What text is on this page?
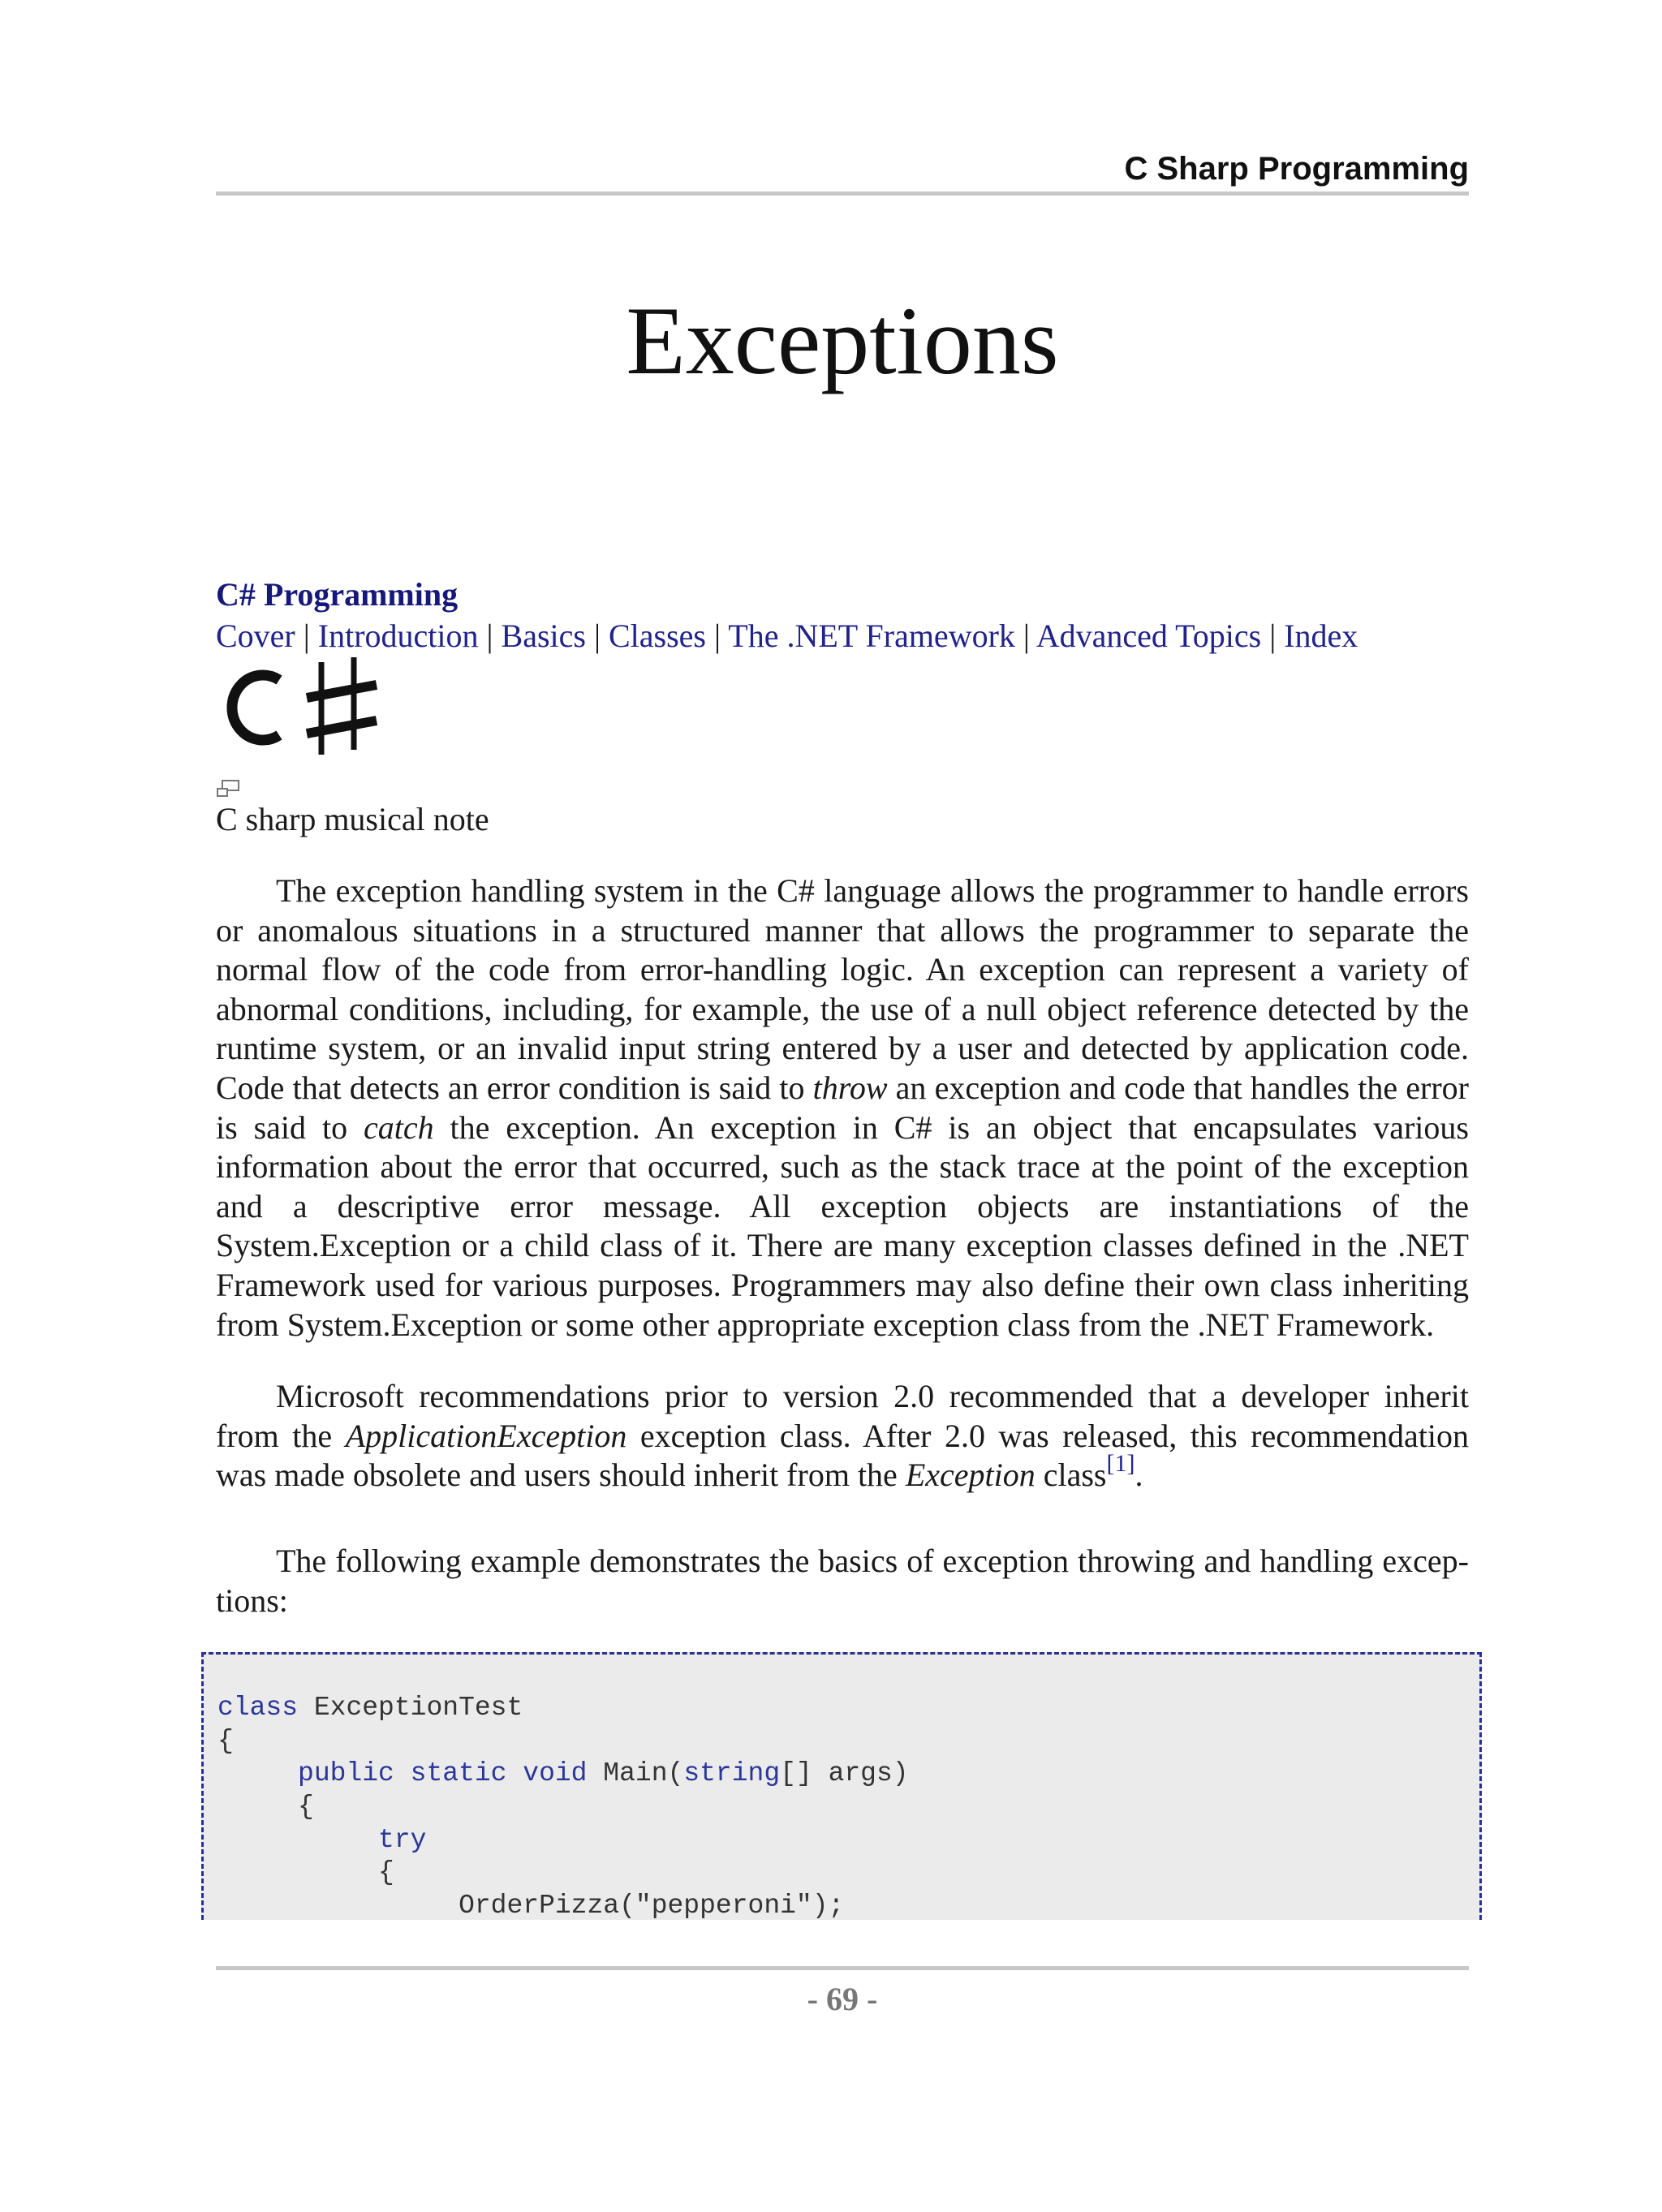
C Sharp Programming
Exceptions
C# Programming
Cover | Introduction | Basics | Classes | The .NET Framework | Advanced Topics | Index
C sharp musical note

The exception handling system in the C# language allows the programmer to handle errors or anomalous situations in a structured manner that allows the programmer to separate the normal flow of the code from error-handling logic. An exception can represent a variety of abnormal conditions, including, for example, the use of a null object reference detected by the runtime system, or an invalid input string entered by a user and detected by application code. Code that detects an error condition is said to throw an exception and code that handles the error is said to catch the exception. An exception in C# is an object that encapsulates various information about the error that occurred, such as the stack trace at the point of the exception and a descriptive error message. All exception objects are instantiations of the System.Exception or a child class of it. There are many exception classes defined in the .NET Framework used for various purposes. Programmers may also define their own class inheriting from System.Exception or some other appropriate exception class from the .NET Framework.

Microsoft recommendations prior to version 2.0 recommended that a developer inherit from the ApplicationException exception class. After 2.0 was released, this recommendation was made obsolete and users should inherit from the Exception class[1].

The following example demonstrates the basics of exception throwing and handling exceptions:

class ExceptionTest
{
public static void Main(string[] args)
{
try
{
OrderPizza("pepperoni");
- 69 -
